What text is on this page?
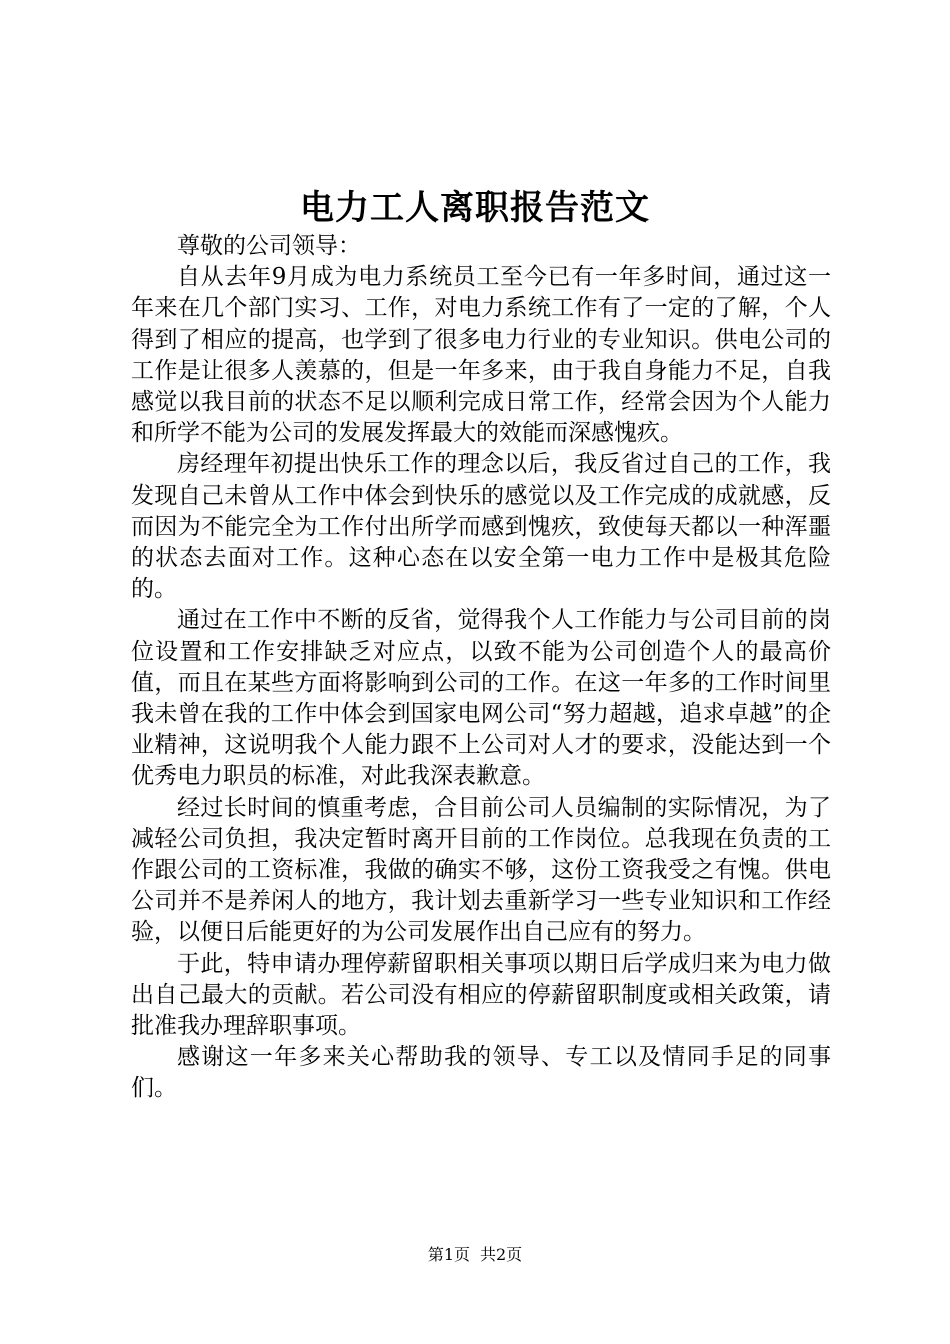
电力工人离职报告范文

尊敬的公司领导：

自从去年9月成为电力系统员工至今已有一年多时间，通过这一年来在几个部门实习、工作，对电力系统工作有了一定的了解，个人得到了相应的提高，也学到了很多电力行业的专业知识。供电公司的工作是让很多人羡慕的，但是一年多来，由于我自身能力不足，自我感觉以我目前的状态不足以顺利完成日常工作，经常会因为个人能力和所学不能为公司的发展发挥最大的效能而深感愧疚。

房经理年初提出快乐工作的理念以后，我反省过自己的工作，我发现自己未曾从工作中体会到快乐的感觉以及工作完成的成就感，反而因为不能完全为工作付出所学而感到愧疚，致使每天都以一种浑噩的状态去面对工作。这种心态在以安全第一电力工作中是极其危险的。

通过在工作中不断的反省，觉得我个人工作能力与公司目前的岗位设置和工作安排缺乏对应点，以致不能为公司创造个人的最高价值，而且在某些方面将影响到公司的工作。在这一年多的工作时间里我未曾在我的工作中体会到国家电网公司“努力超越，追求卓越”的企业精神，这说明我个人能力跟不上公司对人才的要求，没能达到一个优秀电力职员的标准，对此我深表歉意。

经过长时间的慎重考虑，合目前公司人员编制的实际情况，为了减轻公司负担，我决定暂时离开目前的工作岗位。总我现在负责的工作跟公司的工资标准，我做的确实不够，这份工资我受之有愧。供电公司并不是养闲人的地方，我计划去重新学习一些专业知识和工作经验，以便日后能更好的为公司发展作出自己应有的努力。

于此，特申请办理停薪留职相关事项以期日后学成归来为电力做出自己最大的贡献。若公司没有相应的停薪留职制度或相关政策，请批准我办理辞职事项。

感谢这一年多来关心帮助我的领导、专工以及情同手足的同事们。

第1页 共2页
